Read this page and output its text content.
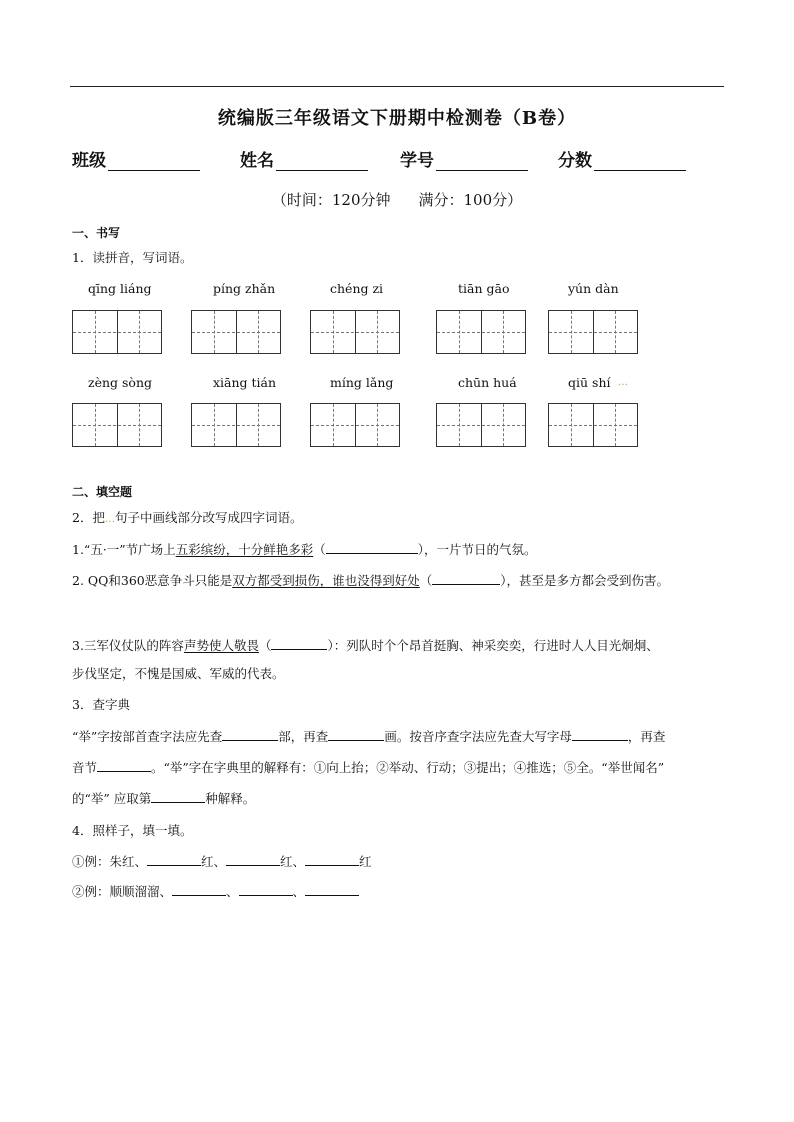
统编版三年级语文下册期中检测卷（B卷）
班级	姓名	学号	分数
（时间：120分钟 满分：100分）
一、书写
1．读拼音，写词语。
qīng liáng	píng zhǎn	chéng zi	tiān gāo	yún dàn
zèng sòng	xiāng tián	míng lǎng	chūn huá	qiū shí …
二、填空题
2．把…句子中画线部分改写成四字词语。
1.“五·一”节广场上五彩缤纷，十分鲜艳多彩（	），一片节日的气氛。
2. QQ和360恶意争斗只能是双方都受到损伤，谁也没得到好处（	），甚至是多方都会受到伤害。
3.三军仪仗队的阵容声势使人敬畏（	）：列队时个个昂首挺胸、神采奕奕，行进时人人目光炯炯、
步伐坚定，不愧是国威、军威的代表。
3．查字典
“举”字按部首查字法应先查	部，再查	画。按音序查字法应先查大写字母	，再查
音节	。“举”字在字典里的解释有：①向上抬；②举动、行动；③提出；④推选；⑤全。“举世闻名”
的“举” 应取第	种解释。
4．照样子，填一填。
①例：朱红、	红、	红、	红
②例：顺顺溜溜、	、	、
